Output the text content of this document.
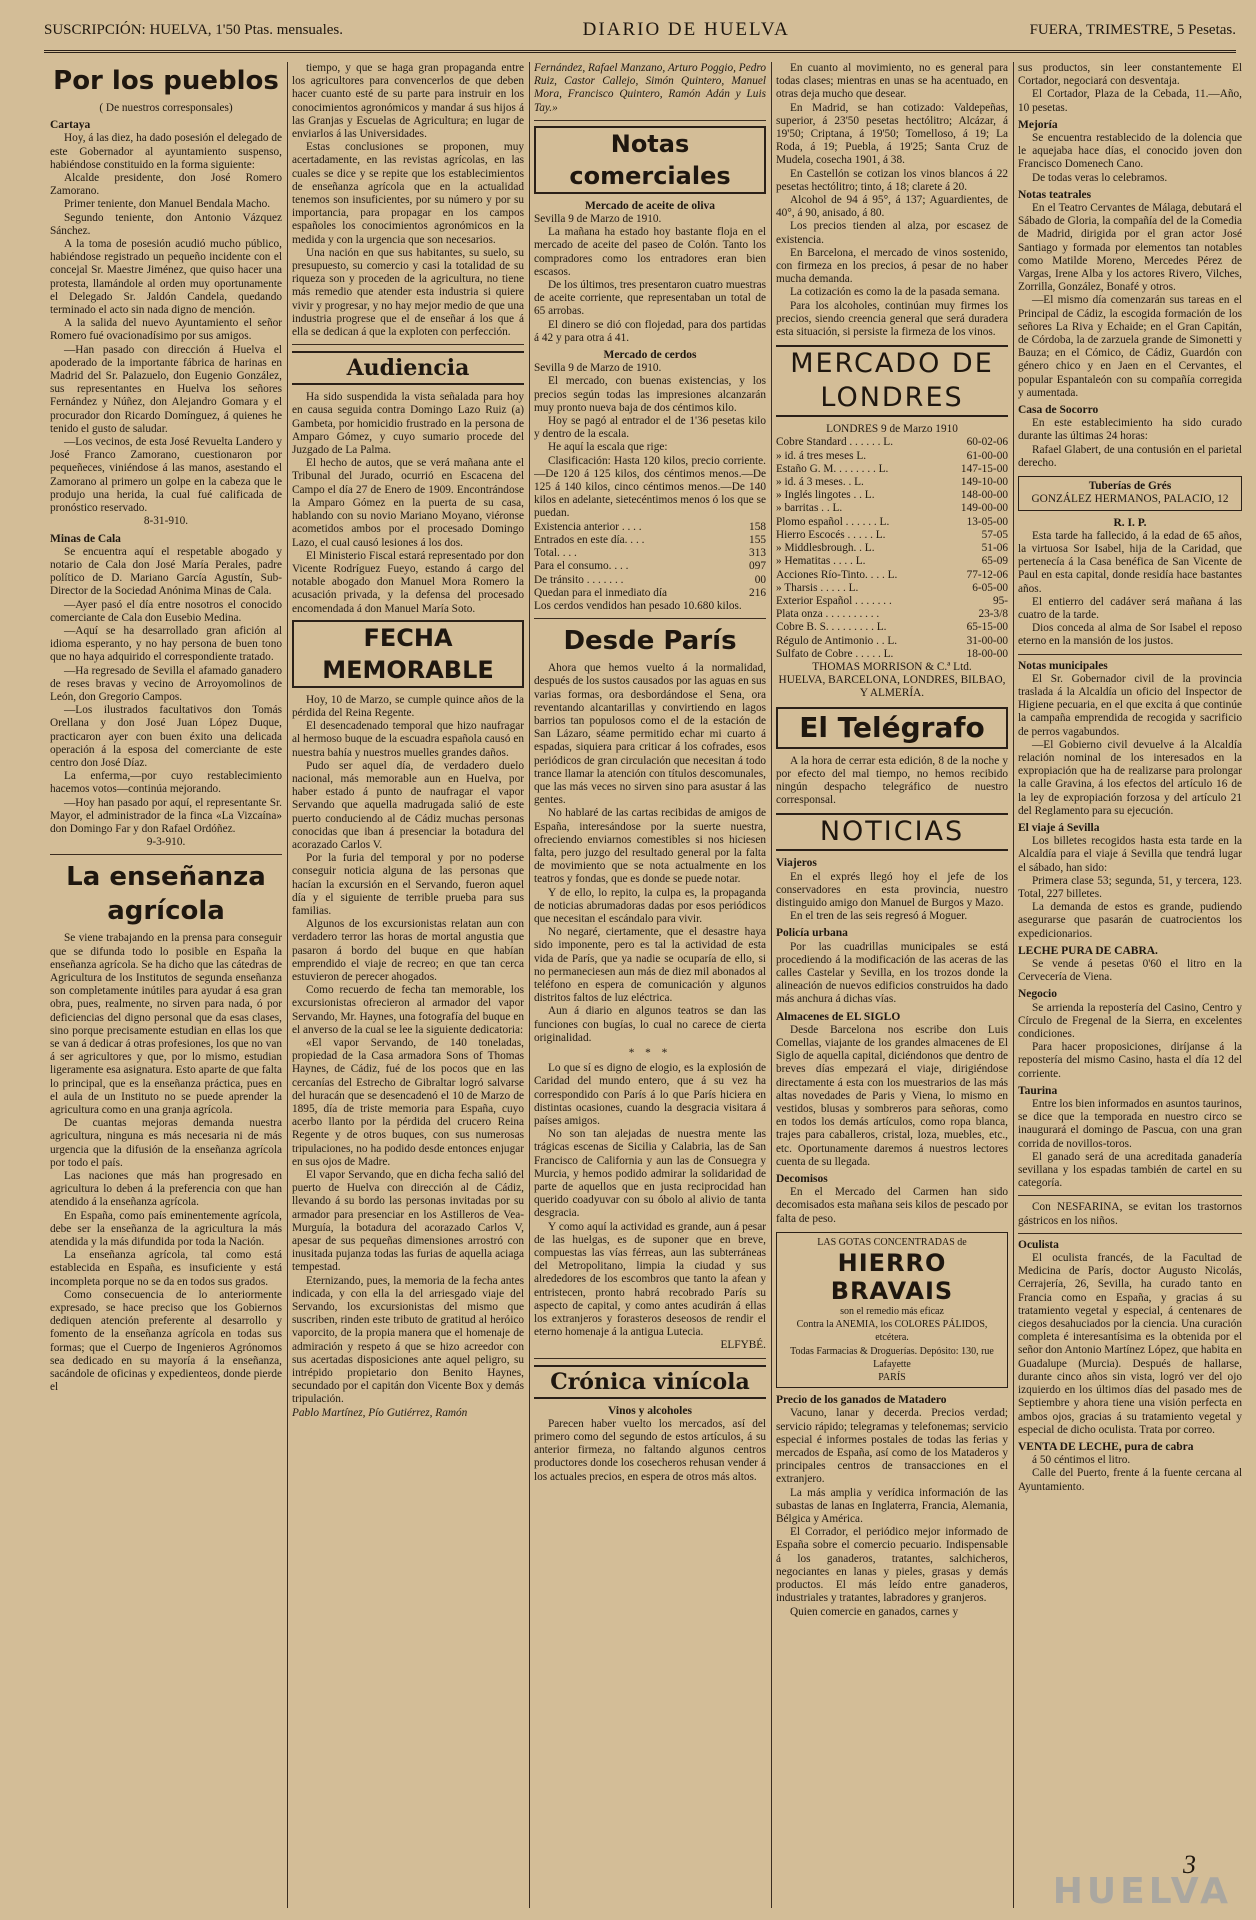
SUSCRIPCIÓN: HUELVA, 1'50 Ptas. mensuales.	DIARIO DE HUELVA	FUERA, TRIMESTRE, 5 Pesetas.
Por los pueblos

( De nuestros corresponsales)

Cartaya

Hoy, á las diez, ha dado posesión el delegado de este Gobernador al ayuntamiento suspenso, habiéndose constituido en la forma siguiente:

Alcalde presidente, don José Romero Zamorano.

Primer teniente, don Manuel Bendala Macho.

Segundo teniente, don Antonio Vázquez Sánchez.

A la toma de posesión acudió mucho público, habiéndose registrado un pequeño incidente con el concejal Sr. Maestre Jiménez, que quiso hacer una protesta, llamándole al orden muy oportunamente el Delegado Sr. Jaldón Candela, quedando terminado el acto sin nada digno de mención.

A la salida del nuevo Ayuntamiento el señor Romero fué ovacionadísimo por sus amigos.

—Han pasado con dirección á Huelva el apoderado de la importante fábrica de harinas en Madrid del Sr. Palazuelo, don Eugenio González, sus representantes en Huelva los señores Fernández y Núñez, don Alejandro Gomara y el procurador don Ricardo Domínguez, á quienes he tenido el gusto de saludar.

—Los vecinos, de esta José Revuelta Landero y José Franco Zamorano, cuestionaron por pequeñeces, viniéndose á las manos, asestando el Zamorano al primero un golpe en la cabeza que le produjo una herida, la cual fué calificada de pronóstico reservado.

8-31-910.

Minas de Cala

Se encuentra aquí el respetable abogado y notario de Cala don José María Perales, padre político de D. Mariano García Agustín, Sub-Director de la Sociedad Anónima Minas de Cala.

—Ayer pasó el día entre nosotros el conocido comerciante de Cala don Eusebio Medina.

—Aquí se ha desarrollado gran afición al idioma esperanto, y no hay persona de buen tono que no haya adquirido el correspondiente tratado.

—Ha regresado de Sevilla el afamado ganadero de reses bravas y vecino de Arroyomolinos de León, don Gregorio Campos.

—Los ilustrados facultativos don Tomás Orellana y don José Juan López Duque, practicaron ayer con buen éxito una delicada operación á la esposa del comerciante de este centro don José Díaz.

La enferma,—por cuyo restablecimiento hacemos votos—continúa mejorando.

—Hoy han pasado por aquí, el representante Sr. Mayor, el administrador de la finca «La Vizcaína» don Domingo Far y don Rafael Ordóñez.

9-3-910.

La enseñanza agrícola

Se viene trabajando en la prensa para conseguir que se difunda todo lo posible en España la enseñanza agrícola. Se ha dicho que las cátedras de Agricultura de los Institutos de segunda enseñanza son completamente inútiles para ayudar á esa gran obra, pues, realmente, no sirven para nada, ó por deficiencias del digno personal que da esas clases, sino porque precisamente estudian en ellas los que se van á dedicar á otras profesiones, los que no van á ser agricultores y que, por lo mismo, estudian ligeramente esa asignatura. Esto aparte de que falta lo principal, que es la enseñanza práctica, pues en el aula de un Instituto no se puede aprender la agricultura como en una granja agrícola.

De cuantas mejoras demanda nuestra agricultura, ninguna es más necesaria ni de más urgencia que la difusión de la enseñanza agrícola por todo el país.

Las naciones que más han progresado en agricultura lo deben á la preferencia con que han atendido á la enseñanza agrícola.

En España, como país eminentemente agrícola, debe ser la enseñanza de la agricultura la más atendida y la más difundida por toda la Nación.

La enseñanza agrícola, tal como está establecida en España, es insuficiente y está incompleta porque no se da en todos sus grados.

Como consecuencia de lo anteriormente expresado, se hace preciso que los Gobiernos dediquen atención preferente al desarrollo y fomento de la enseñanza agrícola en todas sus formas; que el Cuerpo de Ingenieros Agrónomos sea dedicado en su mayoría á la enseñanza, sacándole de oficinas y expedienteos, donde pierde el

tiempo, y que se haga gran propaganda entre los agricultores para convencerlos de que deben hacer cuanto esté de su parte para instruir en los conocimientos agronómicos y mandar á sus hijos á las Granjas y Escuelas de Agricultura; en lugar de enviarlos á las Universidades.

Estas conclusiones se proponen, muy acertadamente, en las revistas agrícolas, en las cuales se dice y se repite que los establecimientos de enseñanza agrícola que en la actualidad tenemos son insuficientes, por su número y por su importancia, para propagar en los campos españoles los conocimientos agronómicos en la medida y con la urgencia que son necesarios.

Una nación en que sus habitantes, su suelo, su presupuesto, su comercio y casi la totalidad de su riqueza son y proceden de la agricultura, no tiene más remedio que atender esta industria si quiere vivir y progresar, y no hay mejor medio de que una industria progrese que el de enseñar á los que á ella se dedican á que la exploten con perfección.

Audiencia

Ha sido suspendida la vista señalada para hoy en causa seguida contra Domingo Lazo Ruiz (a) Gambeta, por homicidio frustrado en la persona de Amparo Gómez, y cuyo sumario procede del Juzgado de La Palma.

El hecho de autos, que se verá mañana ante el Tribunal del Jurado, ocurrió en Escacena del Campo el día 27 de Enero de 1909. Encontrándose la Amparo Gómez en la puerta de su casa, hablando con su novio Mariano Moyano, viéronse acometidos ambos por el procesado Domingo Lazo, el cual causó lesiones á los dos.

El Ministerio Fiscal estará representado por don Vicente Rodríguez Fueyo, estando á cargo del notable abogado don Manuel Mora Romero la acusación privada, y la defensa del procesado encomendada á don Manuel María Soto.

FECHA MEMORABLE

Hoy, 10 de Marzo, se cumple quince años de la pérdida del Reina Regente.

El desencadenado temporal que hizo naufragar al hermoso buque de la escuadra española causó en nuestra bahía y nuestros muelles grandes daños.

Pudo ser aquel día, de verdadero duelo nacional, más memorable aun en Huelva, por haber estado á punto de naufragar el vapor Servando que aquella madrugada salió de este puerto conduciendo al de Cádiz muchas personas conocidas que iban á presenciar la botadura del acorazado Carlos V.

Por la furia del temporal y por no poderse conseguir noticia alguna de las personas que hacían la excursión en el Servando, fueron aquel día y el siguiente de terrible prueba para sus familias.

Algunos de los excursionistas relatan aun con verdadero terror las horas de mortal angustia que pasaron á bordo del buque en que habían emprendido el viaje de recreo; en que tan cerca estuvieron de perecer ahogados.

Como recuerdo de fecha tan memorable, los excursionistas ofrecieron al armador del vapor Servando, Mr. Haynes, una fotografía del buque en el anverso de la cual se lee la siguiente dedicatoria:

«El vapor Servando, de 140 toneladas, propiedad de la Casa armadora Sons of Thomas Haynes, de Cádiz, fué de los pocos que en las cercanías del Estrecho de Gibraltar logró salvarse del huracán que se desencadenó el 10 de Marzo de 1895, día de triste memoria para España, cuyo acerbo llanto por la pérdida del crucero Reina Regente y de otros buques, con sus numerosas tripulaciones, no ha podido desde entonces enjugar en sus ojos de Madre.

El vapor Servando, que en dicha fecha salió del puerto de Huelva con dirección al de Cádiz, llevando á su bordo las personas invitadas por su armador para presenciar en los Astilleros de Vea-Murguía, la botadura del acorazado Carlos V, apesar de sus pequeñas dimensiones arrostró con inusitada pujanza todas las furias de aquella aciaga tempestad.

Eternizando, pues, la memoria de la fecha antes indicada, y con ella la del arriesgado viaje del Servando, los excursionistas del mismo que suscriben, rinden este tributo de gratitud al heróico vaporcito, de la propia manera que el homenaje de admiración y respeto á que se hizo acreedor con sus acertadas disposiciones ante aquel peligro, su intrépido propietario don Benito Haynes, secundado por el capitán don Vicente Box y demás tripulación.

Pablo Martínez, Pío Gutiérrez, Ramón

Fernández, Rafael Manzano, Arturo Poggio, Pedro Ruiz, Castor Callejo, Simón Quintero, Manuel Mora, Francisco Quintero, Ramón Adán y Luis Tay.»

Notas comerciales
Mercado de aceite de oliva

Sevilla 9 de Marzo de 1910.

La mañana ha estado hoy bastante floja en el mercado de aceite del paseo de Colón. Tanto los compradores como los entradores eran bien escasos.

De los últimos, tres presentaron cuatro muestras de aceite corriente, que representaban un total de 65 arrobas.

El dinero se dió con flojedad, para dos partidas á 42 y para otra á 41.

Mercado de cerdos

Sevilla 9 de Marzo de 1910.

El mercado, con buenas existencias, y los precios según todas las impresiones alcanzarán muy pronto nueva baja de dos céntimos kilo.

Hoy se pagó al entrador el de 1'36 pesetas kilo y dentro de la escala.

He aquí la escala que rige:

Clasificación: Hasta 120 kilos, precio corriente.—De 120 á 125 kilos, dos céntimos menos.—De 125 á 140 kilos, cinco céntimos menos.—De 140 kilos en adelante, sietecéntimos menos ó los que se puedan.

Existencia anterior . . . .	158
Entrados en este día. . . .	155
Total. . . .	313
Para el consumo. . . .	097
De tránsito . . . . . . .	00
Quedan para el inmediato día	216

Los cerdos vendidos han pesado 10.680 kilos.

Desde París

Ahora que hemos vuelto á la normalidad, después de los sustos causados por las aguas en sus varias formas, ora desbordándose el Sena, ora reventando alcantarillas y convirtiendo en lagos barrios tan populosos como el de la estación de San Lázaro, séame permitido echar mi cuarto á espadas, siquiera para criticar á los cofrades, esos periódicos de gran circulación que necesitan á todo trance llamar la atención con títulos descomunales, que las más veces no sirven sino para asustar á las gentes.

No hablaré de las cartas recibidas de amigos de España, interesándose por la suerte nuestra, ofreciendo enviarnos comestibles si nos hiciesen falta, pero juzgo del resultado general por la falta de movimiento que se nota actualmente en los teatros y fondas, que es donde se puede notar.

Y de ello, lo repito, la culpa es, la propaganda de noticias abrumadoras dadas por esos periódicos que necesitan el escándalo para vivir.

No negaré, ciertamente, que el desastre haya sido imponente, pero es tal la actividad de esta vida de París, que ya nadie se ocuparía de ello, si no permaneciesen aun más de diez mil abonados al teléfono en espera de comunicación y algunos distritos faltos de luz eléctrica.

Aun á diario en algunos teatros se dan las funciones con bugías, lo cual no carece de cierta originalidad.

* * *

Lo que sí es digno de elogio, es la explosión de Caridad del mundo entero, que á su vez ha correspondido con París á lo que París hiciera en distintas ocasiones, cuando la desgracia visitara á países amigos.

No son tan alejadas de nuestra mente las trágicas escenas de Sicilia y Calabria, las de San Francisco de California y aun las de Consuegra y Murcia, y hemos podido admirar la solidaridad de parte de aquellos que en justa reciprocidad han querido coadyuvar con su óbolo al alivio de tanta desgracia.

Y como aquí la actividad es grande, aun á pesar de las huelgas, es de suponer que en breve, compuestas las vías férreas, aun las subterráneas del Metropolitano, limpia la ciudad y sus alrededores de los escombros que tanto la afean y entristecen, pronto habrá recobrado París su aspecto de capital, y como antes acudirán á ellas los extranjeros y forasteros deseosos de rendir el eterno homenaje á la antigua Lutecia.

ELFYBÉ.

Crónica vinícola
Vinos y alcoholes

Parecen haber vuelto los mercados, así del primero como del segundo de estos artículos, á su anterior firmeza, no faltando algunos centros productores donde los cosecheros rehusan vender á los actuales precios, en espera de otros más altos.

En cuanto al movimiento, no es general para todas clases; mientras en unas se ha acentuado, en otras deja mucho que desear.

En Madrid, se han cotizado: Valdepeñas, superior, á 23'50 pesetas hectólitro; Alcázar, á 19'50; Criptana, á 19'50; Tomelloso, á 19; La Roda, á 19; Puebla, á 19'25; Santa Cruz de Mudela, cosecha 1901, á 38.

En Castellón se cotizan los vinos blancos á 22 pesetas hectólitro; tinto, á 18; clarete á 20.

Alcohol de 94 á 95°, á 137; Aguardientes, de 40°, á 90, anisado, á 80.

Los precios tienden al alza, por escasez de existencia.

En Barcelona, el mercado de vinos sostenido, con firmeza en los precios, á pesar de no haber mucha demanda.

La cotización es como la de la pasada semana.

Para los alcoholes, continúan muy firmes los precios, siendo creencia general que será duradera esta situación, si persiste la firmeza de los vinos.

MERCADO DE LONDRES

LONDRES 9 de Marzo 1910

Cobre Standard . . . . . . L.	60-02-06
» id. á tres meses L.	61-00-00
Estaño G. M. . . . . . . . L.	147-15-00
» id. á 3 meses. . L.	149-10-00
» Inglés lingotes . . L.	148-00-00
» barritas . . L.	149-00-00
Plomo español . . . . . . L.	13-05-00
Hierro Escocés . . . . . L.	57-05
» Middlesbrough. . L.	51-06
» Hematitas . . . . L.	65-09
Acciones Río-Tinto. . . . L.	77-12-06
» Tharsis . . . . . L.	6-05-00
Exterior Español . . . . . . .	95-
Plata onza . . . . . . . . . .	23-3/8
Cobre B. S. . . . . . . . . L.	65-15-00
Régulo de Antimonio . . L.	31-00-00
Sulfato de Cobre . . . . . L.	18-00-00

THOMAS MORRISON & C.ª Ltd.

HUELVA, BARCELONA, LONDRES, BILBAO, Y ALMERÍA.

El Telégrafo

A la hora de cerrar esta edición, 8 de la noche y por efecto del mal tiempo, no hemos recibido ningún despacho telegráfico de nuestro corresponsal.

NOTICIAS
Viajeros

En el exprés llegó hoy el jefe de los conservadores en esta provincia, nuestro distinguido amigo don Manuel de Burgos y Mazo.

En el tren de las seis regresó á Moguer.

Policía urbana

Por las cuadrillas municipales se está procediendo á la modificación de las aceras de las calles Castelar y Sevilla, en los trozos donde la alineación de nuevos edificios construidos ha dado más anchura á dichas vías.

Almacenes de EL SIGLO

Desde Barcelona nos escribe don Luis Comellas, viajante de los grandes almacenes de El Siglo de aquella capital, diciéndonos que dentro de breves días empezará el viaje, dirigiéndose directamente á esta con los muestrarios de las más altas novedades de Paris y Viena, lo mismo en vestidos, blusas y sombreros para señoras, como en todos los demás artículos, como ropa blanca, trajes para caballeros, cristal, loza, muebles, etc., etc. Oportunamente daremos á nuestros lectores cuenta de su llegada.

Decomisos

En el Mercado del Carmen han sido decomisados esta mañana seis kilos de pescado por falta de peso.

LAS GOTAS CONCENTRADAS de
HIERRO BRAVAIS
son el remedio más eficaz
Contra la ANEMIA, los COLORES PÁLIDOS, etcétera.
Todas Farmacias & Droguerías. Depósito: 130, rue Lafayette
PARÍS
Precio de los ganados de Matadero

Vacuno, lanar y decerda. Precios verdad; servicio rápido; telegramas y telefonemas; servicio especial é informes postales de todas las ferias y mercados de España, así como de los Mataderos y principales centros de transacciones en el extranjero.

La más amplia y verídica información de las subastas de lanas en Inglaterra, Francia, Alemania, Bélgica y América.

El Corrador, el periódico mejor informado de España sobre el comercio pecuario. Indispensable á los ganaderos, tratantes, salchicheros, negociantes en lanas y pieles, grasas y demás productos. El más leído entre ganaderos, industriales y tratantes, labradores y granjeros.

Quien comercie en ganados, carnes y

sus productos, sin leer constantemente El Cortador, negociará con desventaja.

El Cortador, Plaza de la Cebada, 11.—Año, 10 pesetas.

Mejoría

Se encuentra restablecido de la dolencia que le aquejaba hace días, el conocido joven don Francisco Domenech Cano.

De todas veras lo celebramos.

Notas teatrales

En el Teatro Cervantes de Málaga, debutará el Sábado de Gloria, la compañía del de la Comedia de Madrid, dirigida por el gran actor José Santiago y formada por elementos tan notables como Matilde Moreno, Mercedes Pérez de Vargas, Irene Alba y los actores Rivero, Vilches, Zorrilla, González, Bonafé y otros.

—El mismo día comenzarán sus tareas en el Principal de Cádiz, la escogida formación de los señores La Riva y Echaide; en el Gran Capitán, de Córdoba, la de zarzuela grande de Simonetti y Bauza; en el Cómico, de Cádiz, Guardón con género chico y en Jaen en el Cervantes, el popular Espantaleón con su compañía corregida y aumentada.

Casa de Socorro

En este establecimiento ha sido curado durante las últimas 24 horas:

Rafael Glabert, de una contusión en el parietal derecho.

Tuberías de Grés
GONZÁLEZ HERMANOS, PALACIO, 12
R. I. P.

Esta tarde ha fallecido, á la edad de 65 años, la virtuosa Sor Isabel, hija de la Caridad, que pertenecía á la Casa benéfica de San Vicente de Paul en esta capital, donde residía hace bastantes años.

El entierro del cadáver será mañana á las cuatro de la tarde.

Dios conceda al alma de Sor Isabel el reposo eterno en la mansión de los justos.

Notas municipales

El Sr. Gobernador civil de la provincia traslada á la Alcaldía un oficio del Inspector de Higiene pecuaria, en el que excita á que continúe la campaña emprendida de recogida y sacrificio de perros vagabundos.

—El Gobierno civil devuelve á la Alcaldía relación nominal de los interesados en la expropiación que ha de realizarse para prolongar la calle Gravina, á los efectos del artículo 16 de la ley de expropiación forzosa y del artículo 21 del Reglamento para su ejecución.

El viaje á Sevilla

Los billetes recogidos hasta esta tarde en la Alcaldía para el viaje á Sevilla que tendrá lugar el sábado, han sido:

Primera clase 53; segunda, 51, y tercera, 123. Total, 227 billetes.

La demanda de estos es grande, pudiendo asegurarse que pasarán de cuatrocientos los expedicionarios.

LECHE PURA DE CABRA.

Se vende á pesetas 0'60 el litro en la Cervecería de Viena.

Negocio

Se arrienda la repostería del Casino, Centro y Círculo de Fregenal de la Sierra, en excelentes condiciones.

Para hacer proposiciones, diríjanse á la repostería del mismo Casino, hasta el día 12 del corriente.

Taurina

Entre los bien informados en asuntos taurinos, se dice que la temporada en nuestro circo se inaugurará el domingo de Pascua, con una gran corrida de novillos-toros.

El ganado será de una acreditada ganadería sevillana y los espadas también de cartel en su categoría.

Con NESFARINA, se evitan los trastornos gástricos en los niños.

Oculista

El oculista francés, de la Facultad de Medicina de París, doctor Augusto Nicolás, Cerrajería, 26, Sevilla, ha curado tanto en Francia como en España, y gracias á su tratamiento vegetal y especial, á centenares de ciegos desahuciados por la ciencia. Una curación completa é interesantísima es la obtenida por el señor don Antonio Martínez López, que habita en Guadalupe (Murcia). Después de hallarse, durante cinco años sin vista, logró ver del ojo izquierdo en los últimos días del pasado mes de Septiembre y ahora tiene una visión perfecta en ambos ojos, gracias á su tratamiento vegetal y especial de dicho oculista. Trata por correo.

VENTA DE LECHE, pura de cabra

á 50 céntimos el litro.

Calle del Puerto, frente á la fuente cercana al Ayuntamiento.

3
HUELVA
